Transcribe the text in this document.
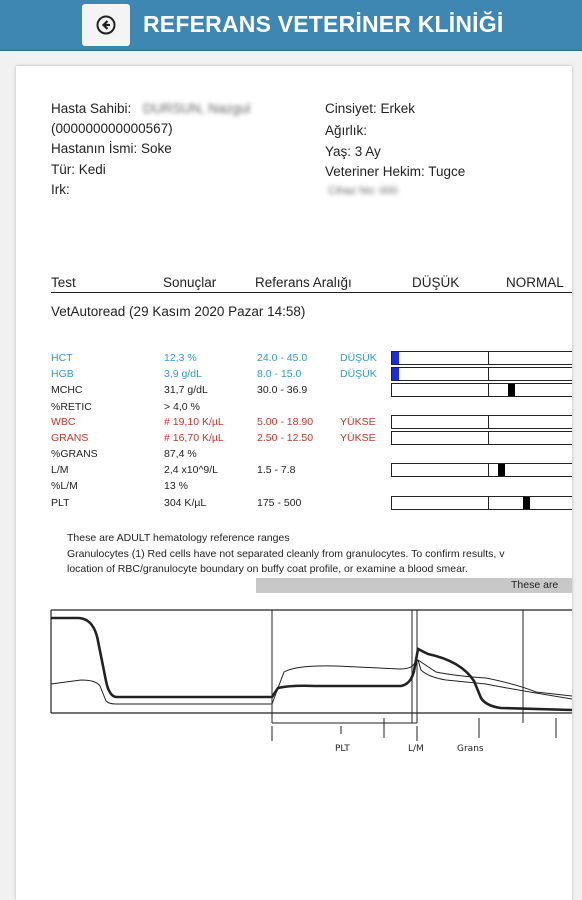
REFERANS VETERİNER KLİNİĞİ
Hasta Sahibi: DURSUN, Nazgul
(000000000000567)
Hastanın İsmi: Soke
Tür: Kedi
Irk:
Cinsiyet: Erkek
Ağırlık:
Yaş: 3 Ay
Veteriner Hekim: Tugce
Cihaz No: 000
Test	Sonuçlar	Referans Aralığı	DÜŞÜK	NORMAL
VetAutoread (29 Kasım 2020 Pazar 14:58)
HCT	12,3 %	24.0 - 45.0	DÜŞÜK
HGB	3,9 g/dL	8.0 - 15.0	DÜŞÜK
MCHC	31,7 g/dL	30.0 - 36.9
%RETIC	> 4,0 %
WBC	# 19,10 K/µL	5.00 - 18.90	YÜKSE
GRANS	# 16,70 K/µL	2.50 - 12.50	YÜKSE
%GRANS	87,4 %
L/M	2,4 x10^9/L	1.5 - 7.8
%L/M	13 %
PLT	304 K/µL	175 - 500
These are ADULT hematology reference ranges
Granulocytes (1) Red cells have not separated cleanly from granulocytes. To confirm results, v
location of RBC/granulocyte boundary on buffy coat profile, or examine a blood smear.
These are
PLT	L/M	Grans
